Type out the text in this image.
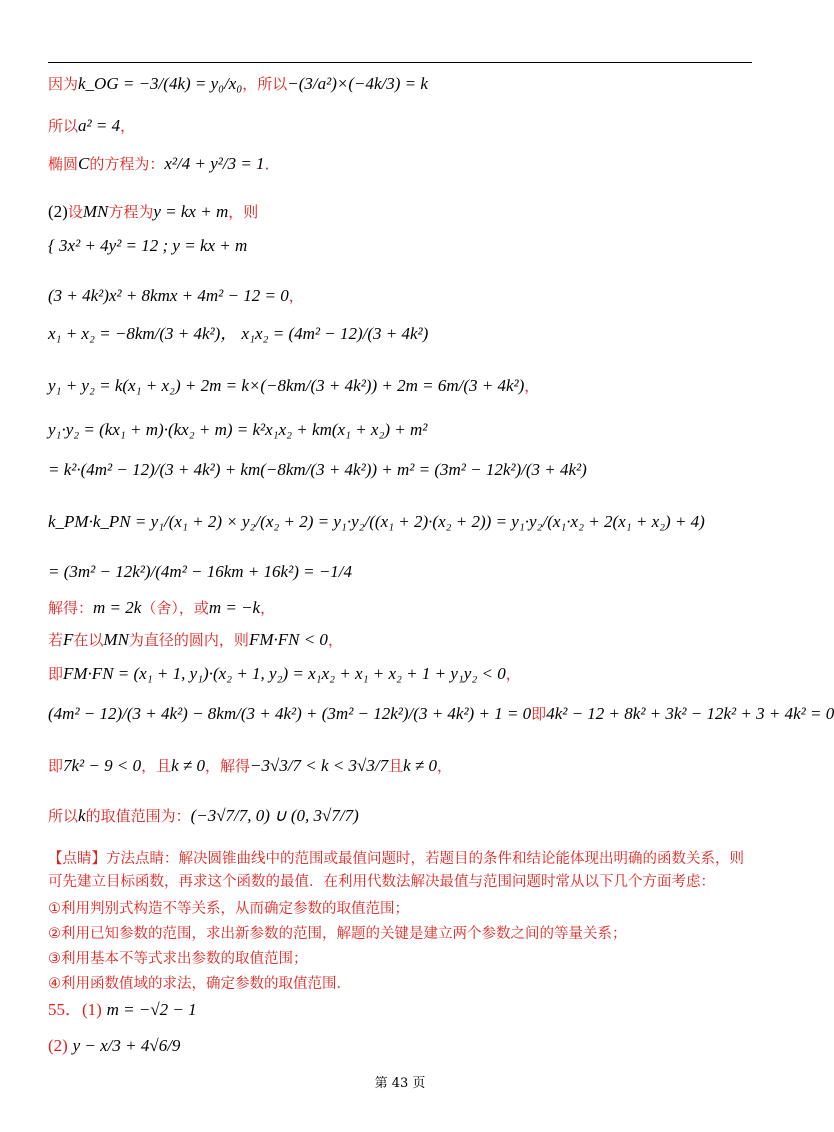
因为k_OG = −3/(4k) = y₀/x₀，所以−(3/a²)×(−4k/3) = k
所以a² = 4，
椭圆C的方程为：x²/4 + y²/3 = 1．
(2)设MN方程为y = kx + m，则
{ 3x² + 4y² = 12 ; y = kx + m
(3 + 4k²)x² + 8kmx + 4m² − 12 = 0，
x₁ + x₂ = −8km/(3 + 4k²)， x₁x₂ = (4m² − 12)/(3 + 4k²)
y₁ + y₂ = k(x₁ + x₂) + 2m = k×(−8km/(3 + 4k²)) + 2m = 6m/(3 + 4k²)，
y₁·y₂ = (kx₁ + m)·(kx₂ + m) = k²x₁x₂ + km(x₁ + x₂) + m²
= k²·(4m² − 12)/(3 + 4k²) + km(−8km/(3 + 4k²)) + m² = (3m² − 12k²)/(3 + 4k²)
k_PM·k_PN = y₁/(x₁ + 2) × y₂/(x₂ + 2) = y₁·y₂/((x₁ + 2)·(x₂ + 2)) = y₁·y₂/(x₁·x₂ + 2(x₁ + x₂) + 4)
= (3m² − 12k²)/(4m² − 16km + 16k²) = −1/4
解得：m = 2k（舍），或m = −k，
若F在以MN为直径的圆内，则FM·FN < 0，
即FM·FN = (x₁ + 1, y₁)·(x₂ + 1, y₂) = x₁x₂ + x₁ + x₂ + 1 + y₁y₂ < 0，
(4m² − 12)/(3 + 4k²) − 8km/(3 + 4k²) + (3m² − 12k²)/(3 + 4k²) + 1 = 0即4k² − 12 + 8k² + 3k² − 12k² + 3 + 4k² = 0
即7k² − 9 < 0，且k ≠ 0，解得−3√3/7 < k < 3√3/7且k ≠ 0，
所以k的取值范围为：(−3√7/7, 0) ∪ (0, 3√7/7)
【点睛】方法点睛：解决圆锥曲线中的范围或最值问题时，若题目的条件和结论能体现出明确的函数关系，则可先建立目标函数，再求这个函数的最值．在利用代数法解决最值与范围问题时常从以下几个方面考虑：
①利用判别式构造不等关系，从而确定参数的取值范围；
②利用已知参数的范围，求出新参数的范围，解题的关键是建立两个参数之间的等量关系；
③利用基本不等式求出参数的取值范围；
④利用函数值域的求法，确定参数的取值范围．
55．(1) m = −√2 − 1
(2) y − x/3 + 4√6/9
第 43 页
